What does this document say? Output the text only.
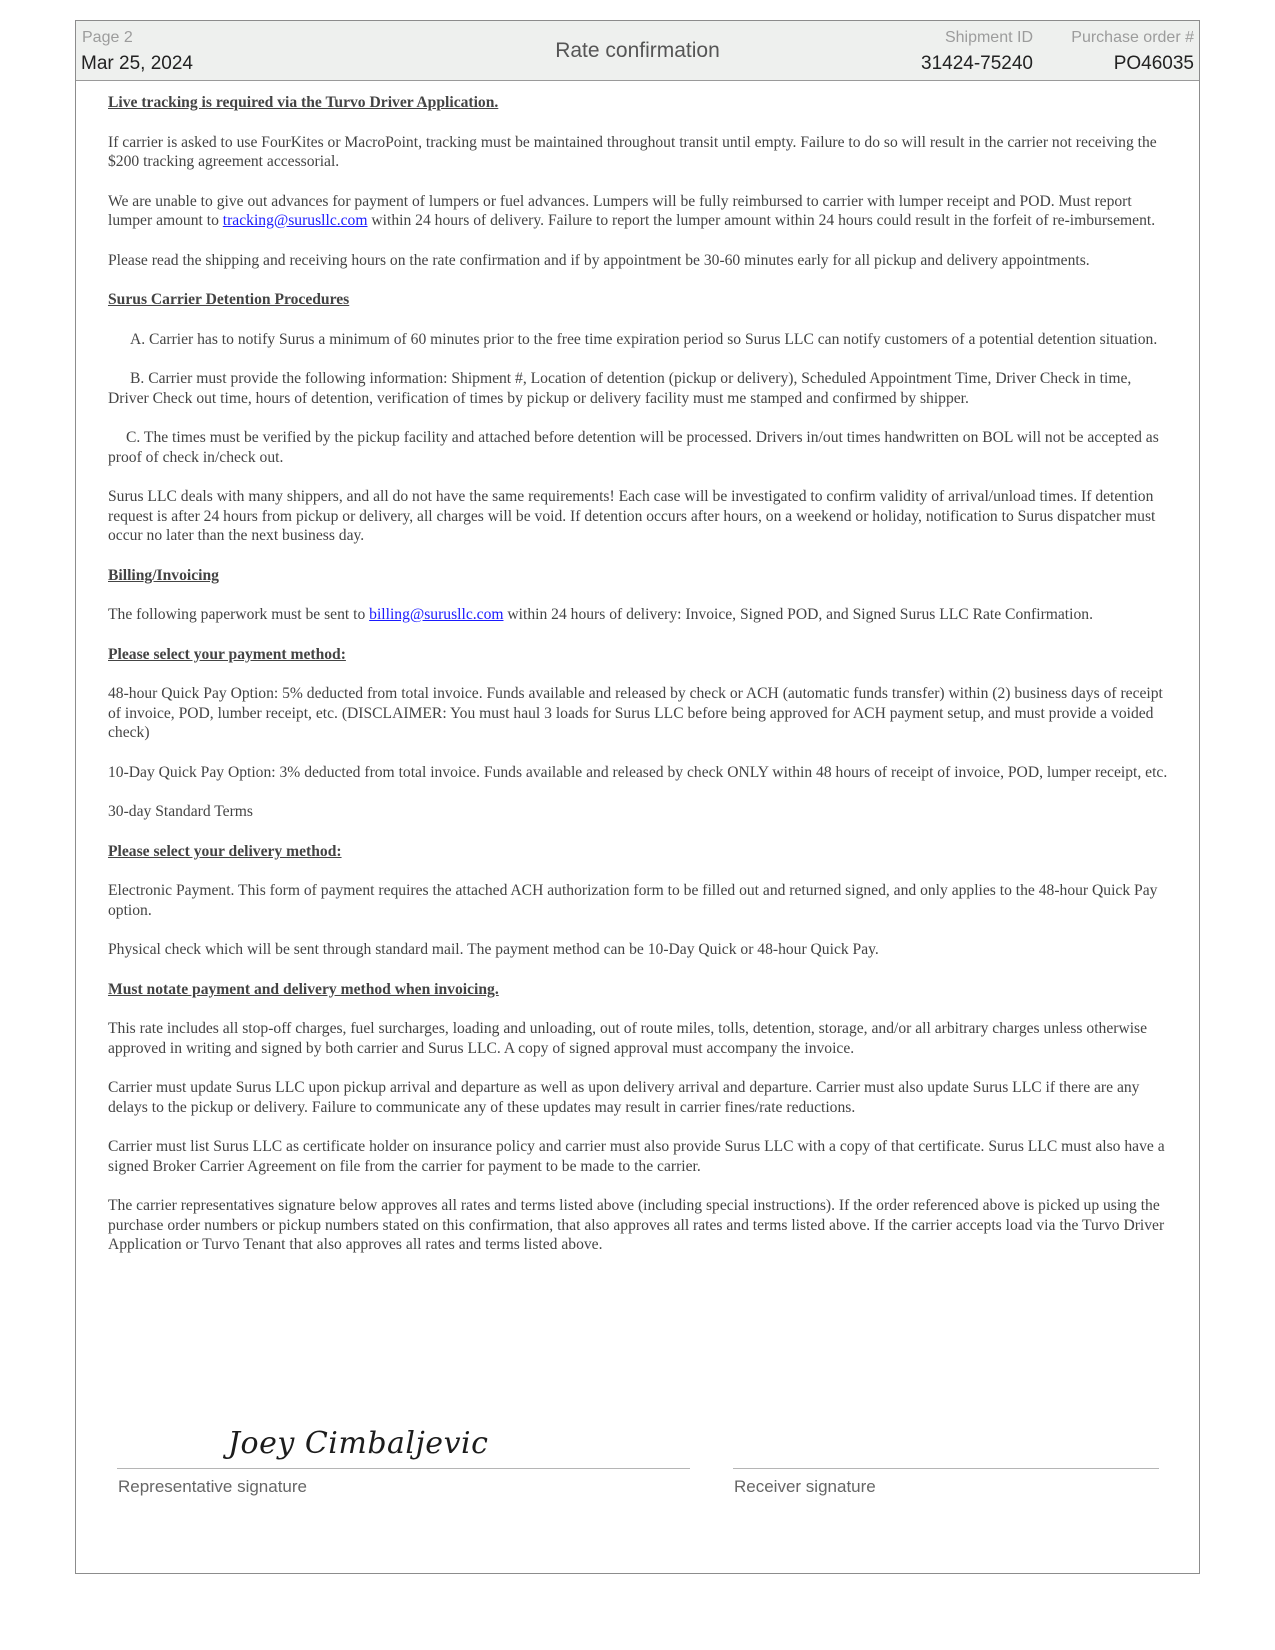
Page 2
Mar 25, 2024
Rate confirmation
Shipment ID
31424-75240
Purchase order #
PO46035

Live tracking is required via the Turvo Driver Application.

If carrier is asked to use FourKites or MacroPoint, tracking must be maintained throughout transit until empty. Failure to do so will result in the carrier not receiving the $200 tracking agreement accessorial.

We are unable to give out advances for payment of lumpers or fuel advances. Lumpers will be fully reimbursed to carrier with lumper receipt and POD. Must report lumper amount to tracking@surusllc.com within 24 hours of delivery. Failure to report the lumper amount within 24 hours could result in the forfeit of re-imbursement.

Please read the shipping and receiving hours on the rate confirmation and if by appointment be 30-60 minutes early for all pickup and delivery appointments.

Surus Carrier Detention Procedures

A. Carrier has to notify Surus a minimum of 60 minutes prior to the free time expiration period so Surus LLC can notify customers of a potential detention situation.

B. Carrier must provide the following information: Shipment #, Location of detention (pickup or delivery), Scheduled Appointment Time, Driver Check in time, Driver Check out time, hours of detention, verification of times by pickup or delivery facility must me stamped and confirmed by shipper.

C. The times must be verified by the pickup facility and attached before detention will be processed. Drivers in/out times handwritten on BOL will not be accepted as proof of check in/check out.

Surus LLC deals with many shippers, and all do not have the same requirements! Each case will be investigated to confirm validity of arrival/unload times. If detention request is after 24 hours from pickup or delivery, all charges will be void. If detention occurs after hours, on a weekend or holiday, notification to Surus dispatcher must occur no later than the next business day.

Billing/Invoicing

The following paperwork must be sent to billing@surusllc.com within 24 hours of delivery: Invoice, Signed POD, and Signed Surus LLC Rate Confirmation.

Please select your payment method:

48-hour Quick Pay Option: 5% deducted from total invoice. Funds available and released by check or ACH (automatic funds transfer) within (2) business days of receipt of invoice, POD, lumber receipt, etc. (DISCLAIMER: You must haul 3 loads for Surus LLC before being approved for ACH payment setup, and must provide a voided check)

10-Day Quick Pay Option: 3% deducted from total invoice. Funds available and released by check ONLY within 48 hours of receipt of invoice, POD, lumper receipt, etc.

30-day Standard Terms

Please select your delivery method:

Electronic Payment. This form of payment requires the attached ACH authorization form to be filled out and returned signed, and only applies to the 48-hour Quick Pay option.

Physical check which will be sent through standard mail. The payment method can be 10-Day Quick or 48-hour Quick Pay.

Must notate payment and delivery method when invoicing.

This rate includes all stop-off charges, fuel surcharges, loading and unloading, out of route miles, tolls, detention, storage, and/or all arbitrary charges unless otherwise approved in writing and signed by both carrier and Surus LLC. A copy of signed approval must accompany the invoice.

Carrier must update Surus LLC upon pickup arrival and departure as well as upon delivery arrival and departure. Carrier must also update Surus LLC if there are any delays to the pickup or delivery. Failure to communicate any of these updates may result in carrier fines/rate reductions.

Carrier must list Surus LLC as certificate holder on insurance policy and carrier must also provide Surus LLC with a copy of that certificate. Surus LLC must also have a signed Broker Carrier Agreement on file from the carrier for payment to be made to the carrier.

The carrier representatives signature below approves all rates and terms listed above (including special instructions). If the order referenced above is picked up using the purchase order numbers or pickup numbers stated on this confirmation, that also approves all rates and terms listed above. If the carrier accepts load via the Turvo Driver Application or Turvo Tenant that also approves all rates and terms listed above.

Joey Cimbaljevic
Representative signature	Receiver signature
